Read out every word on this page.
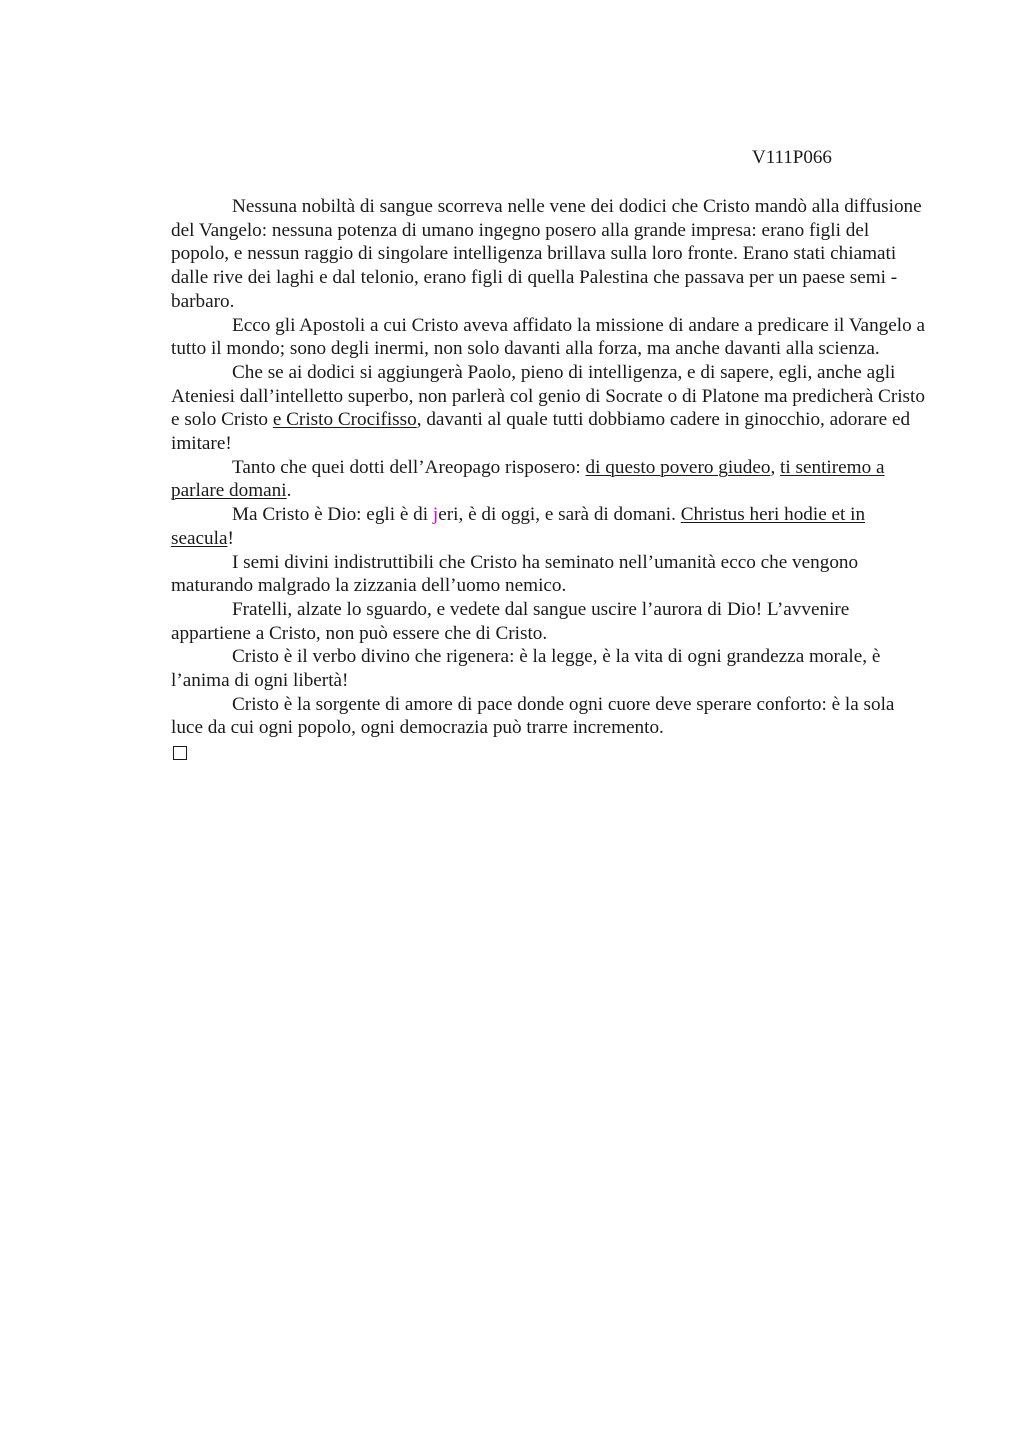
V111P066

Nessuna nobiltà di sangue scorreva nelle vene dei dodici che Cristo mandò alla diffusione del Vangelo: nessuna potenza di umano ingegno posero alla grande impresa: erano figli del popolo, e nessun raggio di singolare intelligenza brillava sulla loro fronte. Erano stati chiamati dalle rive dei laghi e dal telonio, erano figli di quella Palestina che passava per un paese semi - barbaro.

Ecco gli Apostoli a cui Cristo aveva affidato la missione di andare a predicare il Vangelo a tutto il mondo; sono degli inermi, non solo davanti alla forza, ma anche davanti alla scienza.

Che se ai dodici si aggiungerà Paolo, pieno di intelligenza, e di sapere, egli, anche agli Ateniesi dall’intelletto superbo, non parlerà col genio di Socrate o di Platone ma predicherà Cristo e solo Cristo e Cristo Crocifisso, davanti al quale tutti dobbiamo cadere in ginocchio, adorare ed imitare!

Tanto che quei dotti dell’Areopago risposero: di questo povero giudeo, ti sentiremo a parlare domani.

Ma Cristo è Dio: egli è di jeri, è di oggi, e sarà di domani. Christus heri hodie et in seacula!

I semi divini indistruttibili che Cristo ha seminato nell’umanità ecco che vengono maturando malgrado la zizzania dell’uomo nemico.

Fratelli, alzate lo sguardo, e vedete dal sangue uscire l’aurora di Dio! L’avvenire appartiene a Cristo, non può essere che di Cristo.

Cristo è il verbo divino che rigenera: è la legge, è la vita di ogni grandezza morale, è l’anima di ogni libertà!

Cristo è la sorgente di amore di pace donde ogni cuore deve sperare conforto: è la sola luce da cui ogni popolo, ogni democrazia può trarre incremento.
